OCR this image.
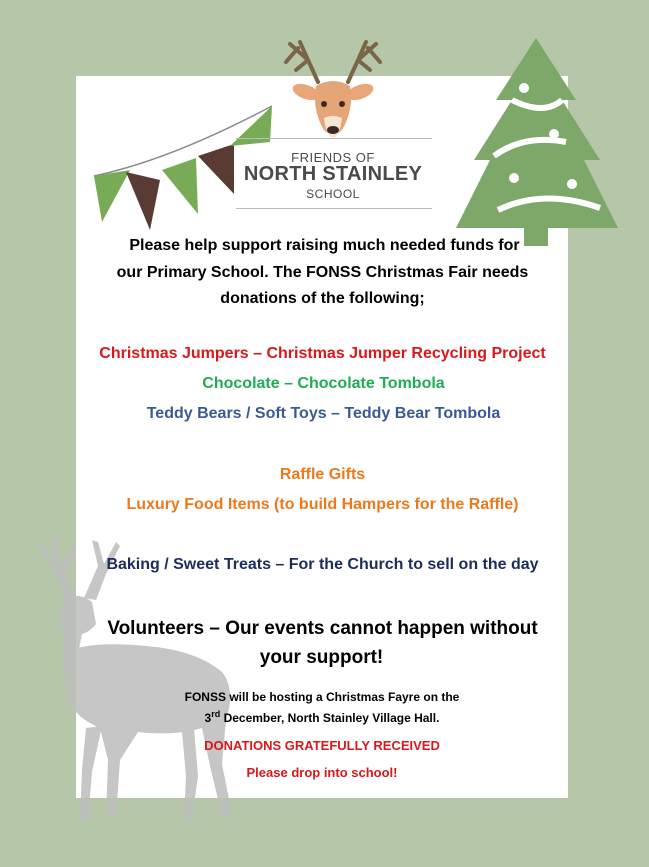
FRIENDS OF
NORTH STAINLEY
SCHOOL
Please help support raising much needed funds for
our Primary School. The FONSS Christmas Fair needs
donations of the following;
Christmas Jumpers – Christmas Jumper Recycling Project
Chocolate – Chocolate Tombola
Teddy Bears / Soft Toys – Teddy Bear Tombola
Raffle Gifts
Luxury Food Items (to build Hampers for the Raffle)
Baking / Sweet Treats – For the Church to sell on the day
Volunteers – Our events cannot happen without
your support!
FONSS will be hosting a Christmas Fayre on the
3rd December, North Stainley Village Hall.
DONATIONS GRATEFULLY RECEIVED
Please drop into school!
